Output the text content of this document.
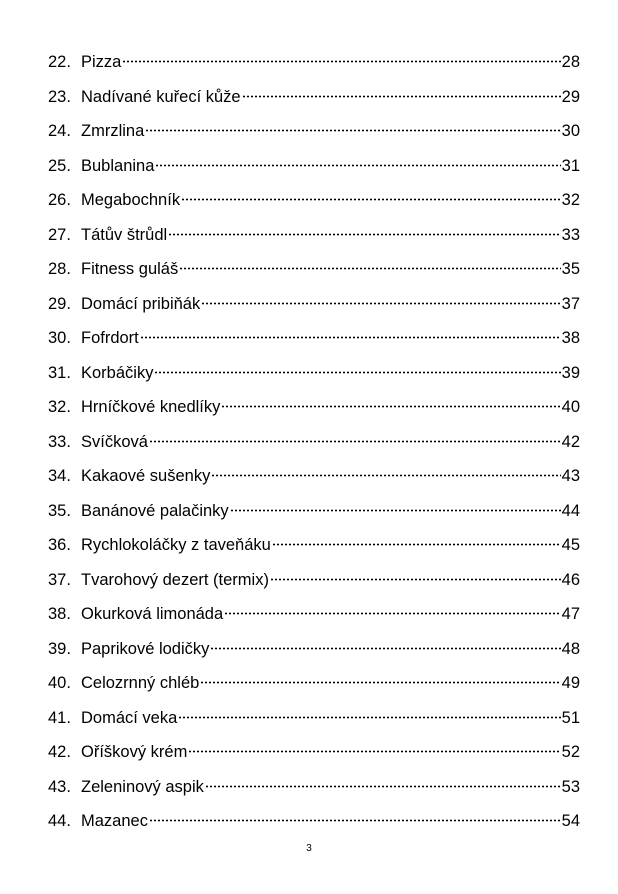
22. Pizza	28
23. Nadívané kuřecí kůže	29
24. Zmrzlina	30
25. Bublanina	31
26. Megabochník	32
27. Tátův štrůdl	33
28. Fitness guláš	35
29. Domácí pribiňák	37
30. Fofrdort	38
31. Korbáčiky	39
32. Hrníčkové knedlíky	40
33. Svíčková	42
34. Kakaové sušenky	43
35. Banánové palačinky	44
36. Rychlokoláčky z taveňáku	45
37. Tvarohový dezert (termix)	46
38. Okurková limonáda	47
39. Paprikové lodičky	48
40. Celozrnný chléb	49
41. Domácí veka	51
42. Oříškový krém	52
43. Zeleninový aspik	53
44. Mazanec	54
3
